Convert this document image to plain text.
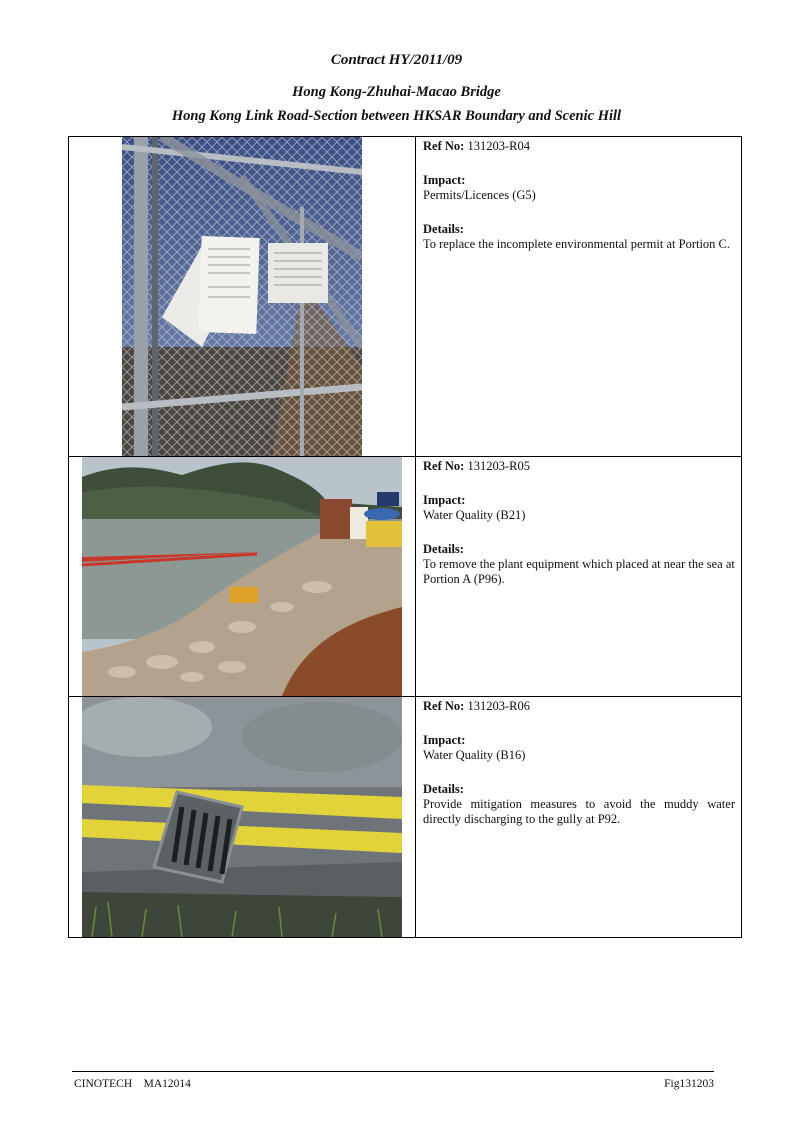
Contract HY/2011/09
Hong Kong-Zhuhai-Macao Bridge
Hong Kong Link Road-Section between HKSAR Boundary and Scenic Hill

Ref No: 131203-R04
Impact:
Permits/Licences (G5)
Details:
To replace the incomplete environmental permit at Portion C.

Ref No: 131203-R05
Impact:
Water Quality (B21)
Details:
To remove the plant equipment which placed at near the sea at Portion A (P96).

Ref No: 131203-R06
Impact:
Water Quality (B16)
Details:
Provide mitigation measures to avoid the muddy water directly discharging to the gully at P92.
CINOTECH MA12014	Fig131203
